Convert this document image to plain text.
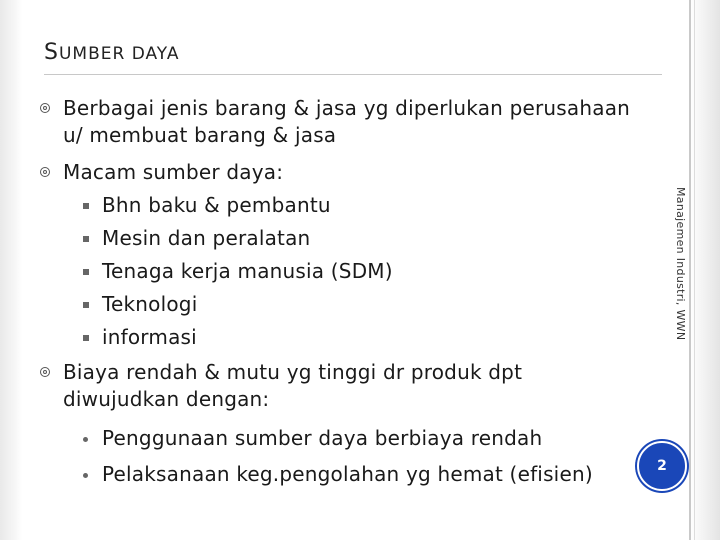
SUMBER DAYA
Berbagai jenis barang & jasa yg diperlukan perusahaan u/ membuat barang & jasa
Macam sumber daya:
Bhn baku & pembantu
Mesin dan peralatan
Tenaga kerja manusia (SDM)
Teknologi
informasi
Biaya rendah & mutu yg tinggi dr produk dpt diwujudkan dengan:
Penggunaan sumber daya berbiaya rendah
Pelaksanaan keg.pengolahan yg hemat (efisien)
Manajemen Industri, WWN
2
